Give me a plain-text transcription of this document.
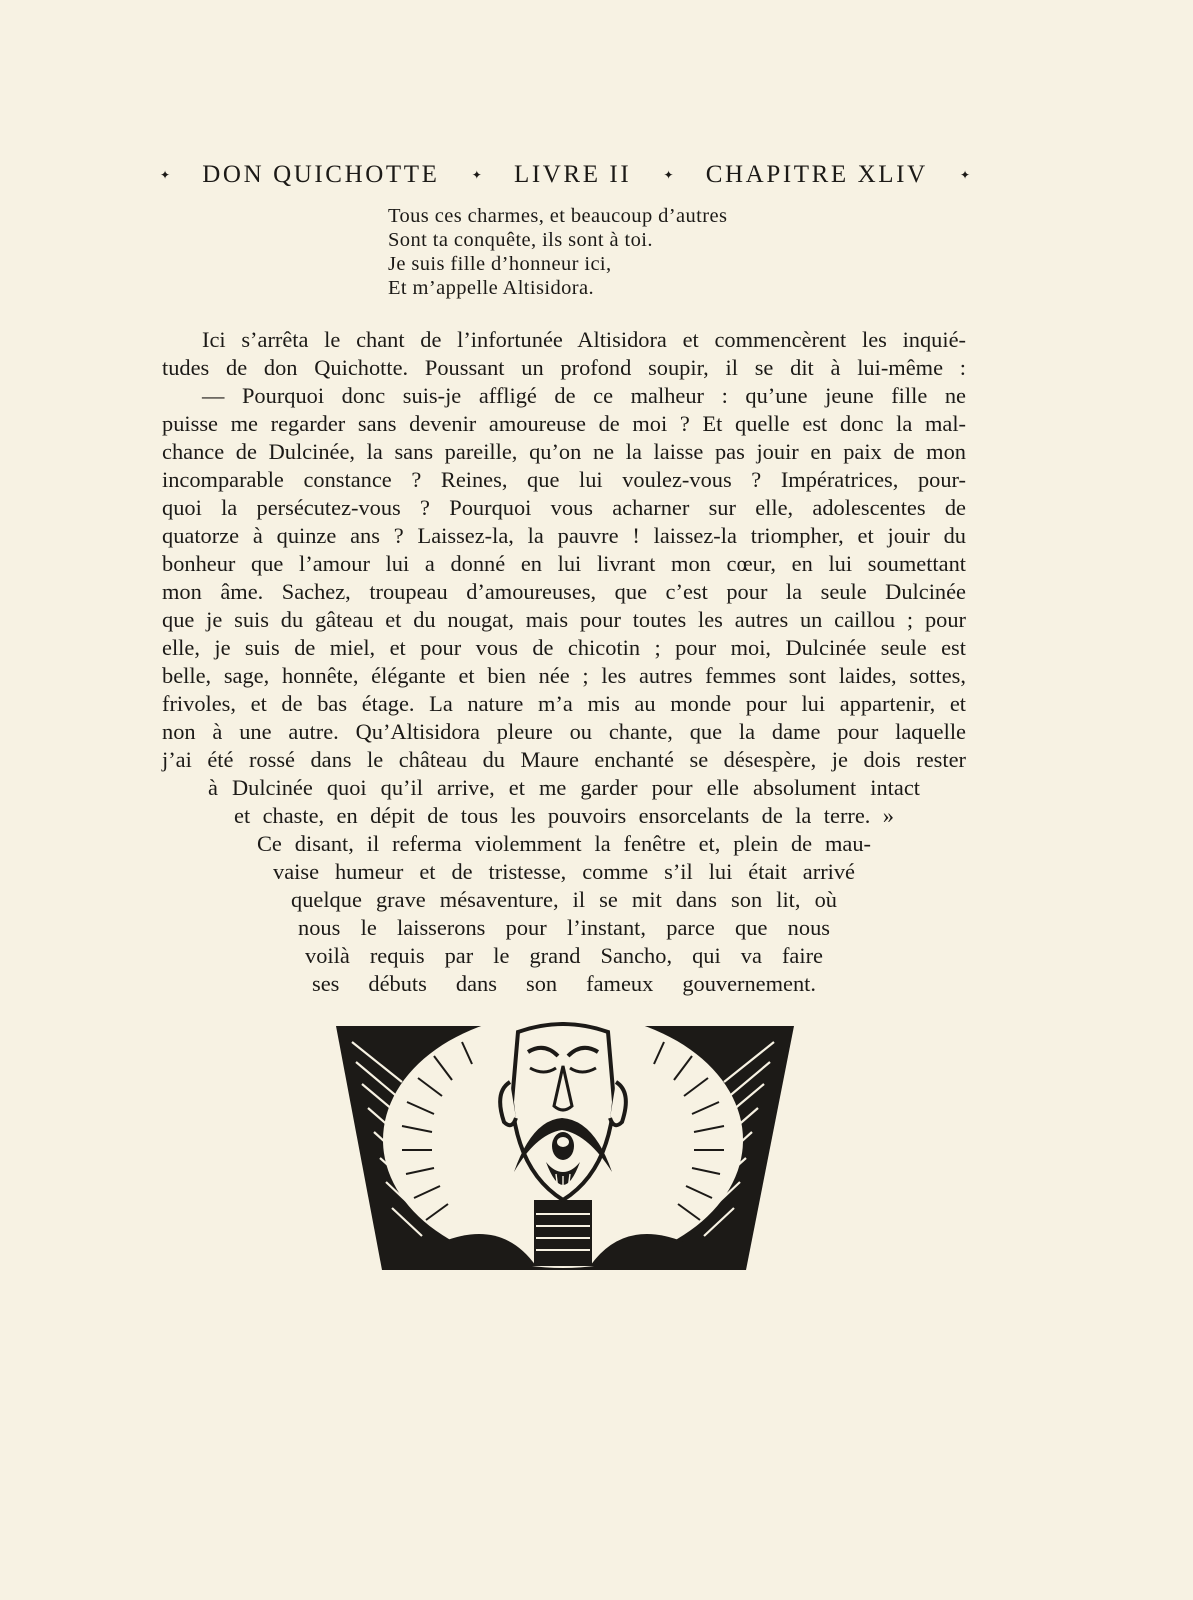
✦ DON QUICHOTTE	✦ LIVRE II	✦ CHAPITRE XLIV	✦
Tous ces charmes, et beaucoup d’autres
Sont ta conquête, ils sont à toi.
Je suis fille d’honneur ici,
Et m’appelle Altisidora.
Ici s’arrêta le chant de l’infortunée Altisidora et commencèrent les inquié-
tudes de don Quichotte. Poussant un profond soupir, il se dit à lui-même :
— Pourquoi donc suis-je affligé de ce malheur : qu’une jeune fille ne
puisse me regarder sans devenir amoureuse de moi ? Et quelle est donc la mal-
chance de Dulcinée, la sans pareille, qu’on ne la laisse pas jouir en paix de mon
incomparable constance ? Reines, que lui voulez-vous ? Impératrices, pour-
quoi la persécutez-vous ? Pourquoi vous acharner sur elle, adolescentes de
quatorze à quinze ans ? Laissez-la, la pauvre ! laissez-la triompher, et jouir du
bonheur que l’amour lui a donné en lui livrant mon cœur, en lui soumettant
mon âme. Sachez, troupeau d’amoureuses, que c’est pour la seule Dulcinée
que je suis du gâteau et du nougat, mais pour toutes les autres un caillou ; pour
elle, je suis de miel, et pour vous de chicotin ; pour moi, Dulcinée seule est
belle, sage, honnête, élégante et bien née ; les autres femmes sont laides, sottes,
frivoles, et de bas étage. La nature m’a mis au monde pour lui appartenir, et
non à une autre. Qu’Altisidora pleure ou chante, que la dame pour laquelle
j’ai été rossé dans le château du Maure enchanté se désespère, je dois rester
à Dulcinée quoi qu’il arrive, et me garder pour elle absolument intact
et chaste, en dépit de tous les pouvoirs ensorcelants de la terre. »
Ce disant, il referma violemment la fenêtre et, plein de mau-
vaise humeur et de tristesse, comme s’il lui était arrivé
quelque grave mésaventure, il se mit dans son lit, où
nous le laisserons pour l’instant, parce que nous
voilà requis par le grand Sancho, qui va faire
ses débuts dans son fameux gouvernement.
